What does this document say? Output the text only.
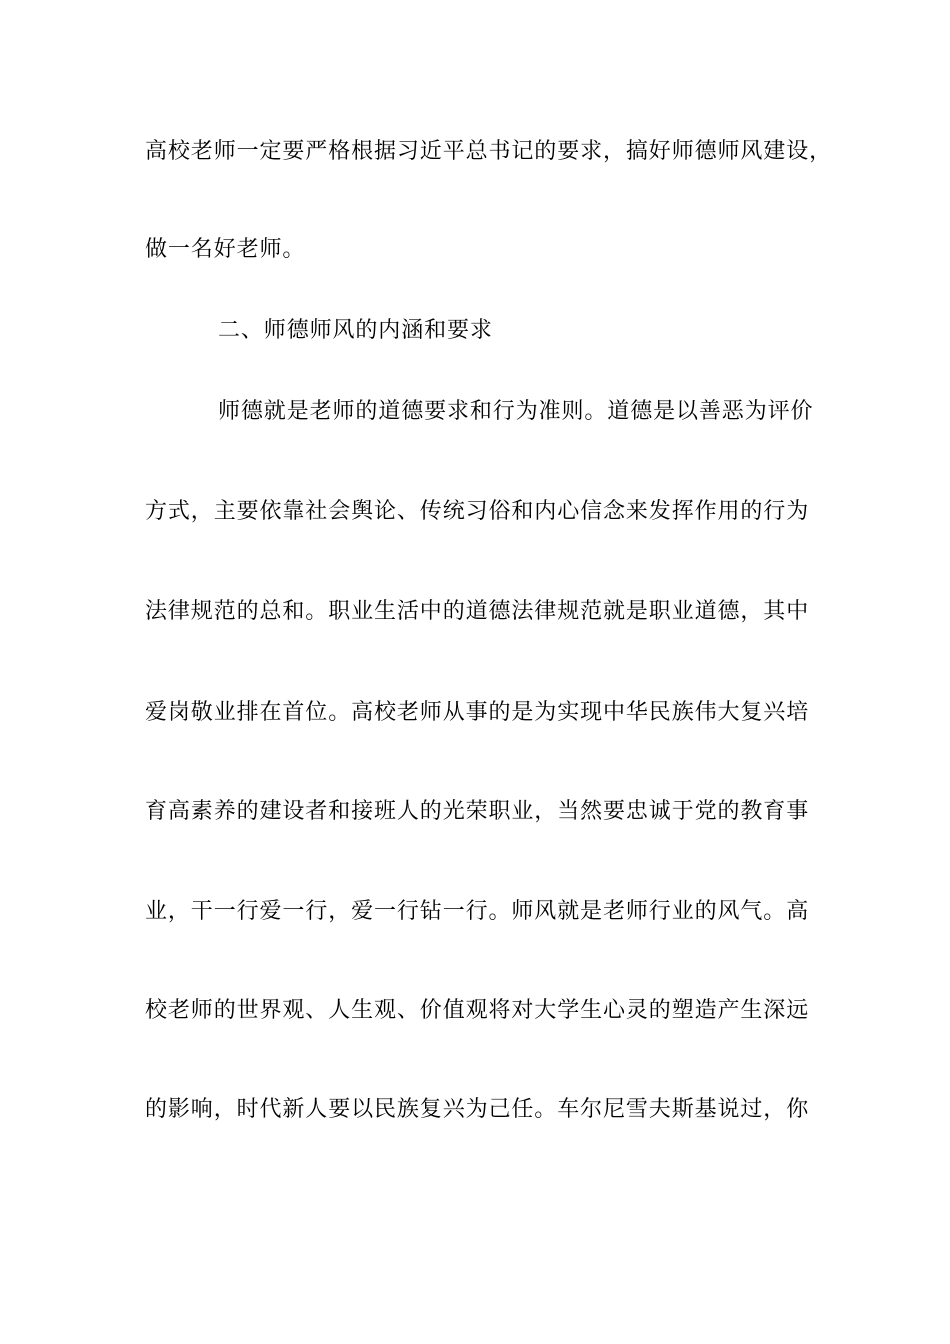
高校老师一定要严格根据习近平总书记的要求，搞好师德师风建设，
做一名好老师。
二、师德师风的内涵和要求
师德就是老师的道德要求和行为准则。道德是以善恶为评价
方式，主要依靠社会舆论、传统习俗和内心信念来发挥作用的行为
法律规范的总和。职业生活中的道德法律规范就是职业道德，其中
爱岗敬业排在首位。高校老师从事的是为实现中华民族伟大复兴培
育高素养的建设者和接班人的光荣职业，当然要忠诚于党的教育事
业，干一行爱一行，爱一行钻一行。师风就是老师行业的风气。高
校老师的世界观、人生观、价值观将对大学生心灵的塑造产生深远
的影响，时代新人要以民族复兴为己任。车尔尼雪夫斯基说过，你
